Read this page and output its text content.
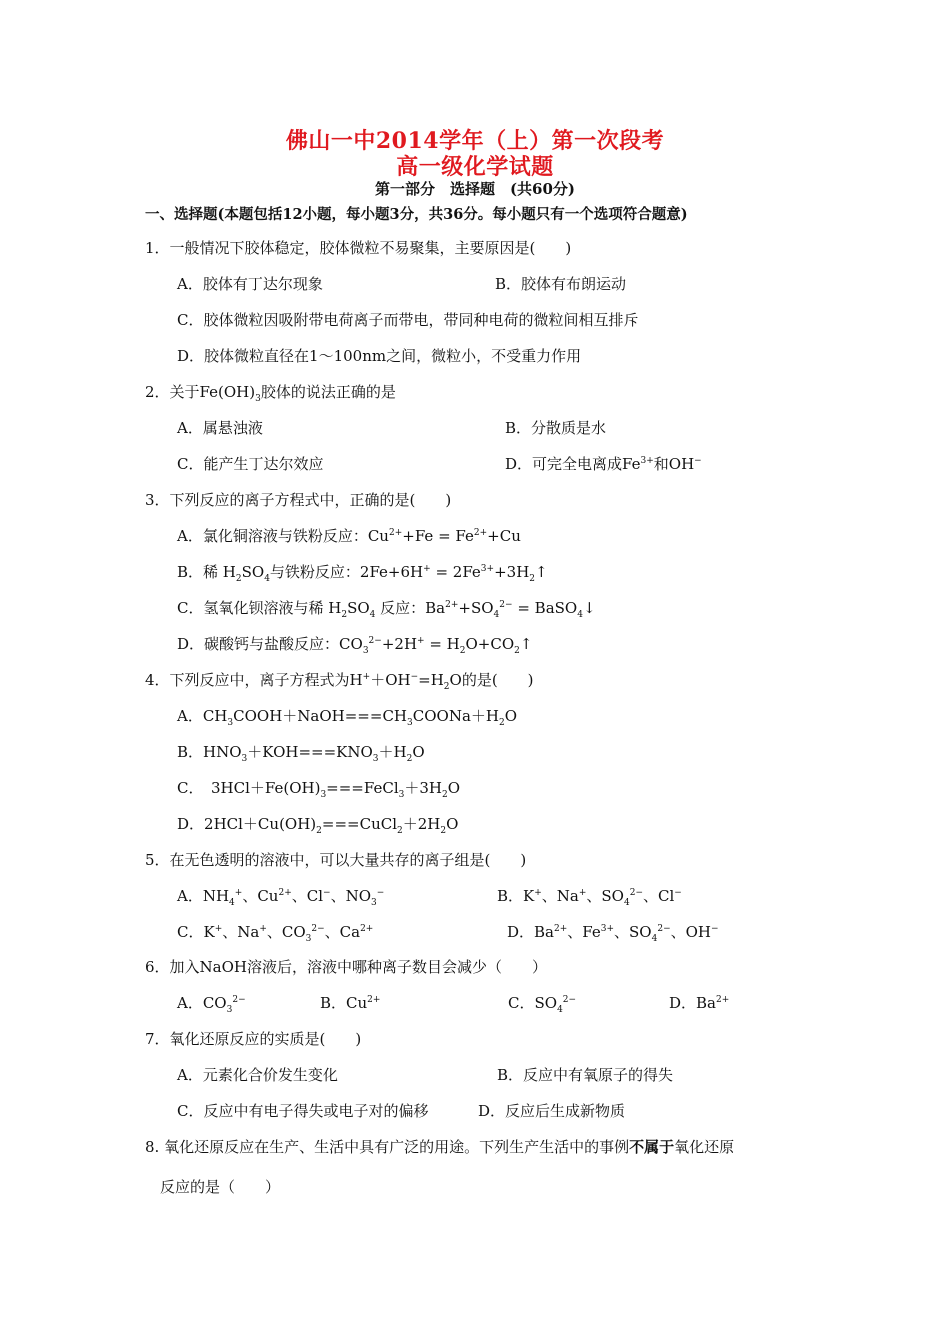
佛山一中2014学年（上）第一次段考
高一级化学试题
第一部分　选择题　(共60分)
一、选择题(本题包括12小题，每小题3分，共36分。每小题只有一个选项符合题意)
1．一般情况下胶体稳定，胶体微粒不易聚集，主要原因是(　　)
A．胶体有丁达尔现象	B．胶体有布朗运动
C．胶体微粒因吸附带电荷离子而带电，带同种电荷的微粒间相互排斥
D．胶体微粒直径在1～100nm之间，微粒小，不受重力作用
2．关于$Fe(OH)_3$胶体的说法正确的是
A．属悬浊液	B．分散质是水
C．能产生丁达尔效应	D．可完全电离成$Fe^{3+}$和OH−
3．下列反应的离子方程式中，正确的是(　　)
A．氯化铜溶液与铁粉反应：$Cu^{2+}+Fe = Fe^{2+}+Cu$
B．稀 $H_2SO_4$与铁粉反应：$2Fe+6H^+ = 2Fe^{3+}+3H_2↑$
C．氢氧化钡溶液与稀 $H_2SO_4$ 反应：$Ba^{2+}+SO_4^{2-}$ = BaSO$_4$↓
D．碳酸钙与盐酸反应：$CO_3^{2-}+2H^+$ = $H_2O+CO_2↑$
4．下列反应中，离子方程式为$H^++OH^-=H_2O$的是(　　)
A．$CH_3COOH+NaOH===CH_3COONa+H_2O$
B．$HNO_3+KOH===KNO_3+H_2O$
C．　$3HCl+Fe(OH)_3===FeCl_3+3H_2O$
D．$2HCl+Cu(OH)_2===CuCl_2+2H_2O$
5．在无色透明的溶液中，可以大量共存的离子组是(　　)
A．$NH_4^+$、$Cu^{2+}$、Cl−、$NO_3^-$	B．K+、Na+、$SO_4^{2-}$、Cl−
C．K+、Na+、$CO_3^{2-}$、$Ca^{2+}$	D．$Ba^{2+}$、$Fe^{3+}$、$SO_4^{2-}$、OH−
6．加入NaOH溶液后，溶液中哪种离子数目会减少（　　）
A．$CO_3^{2-}$	B．$Cu^{2+}$	C．$SO_4^{2-}$	D．$Ba^{2+}$
7．氧化还原反应的实质是(　　)
A．元素化合价发生变化	B．反应中有氧原子的得失
C．反应中有电子得失或电子对的偏移	D．反应后生成新物质
8. 氧化还原反应在生产、生活中具有广泛的用途。下列生产生活中的事例不属于氧化还原
反应的是（　　）
